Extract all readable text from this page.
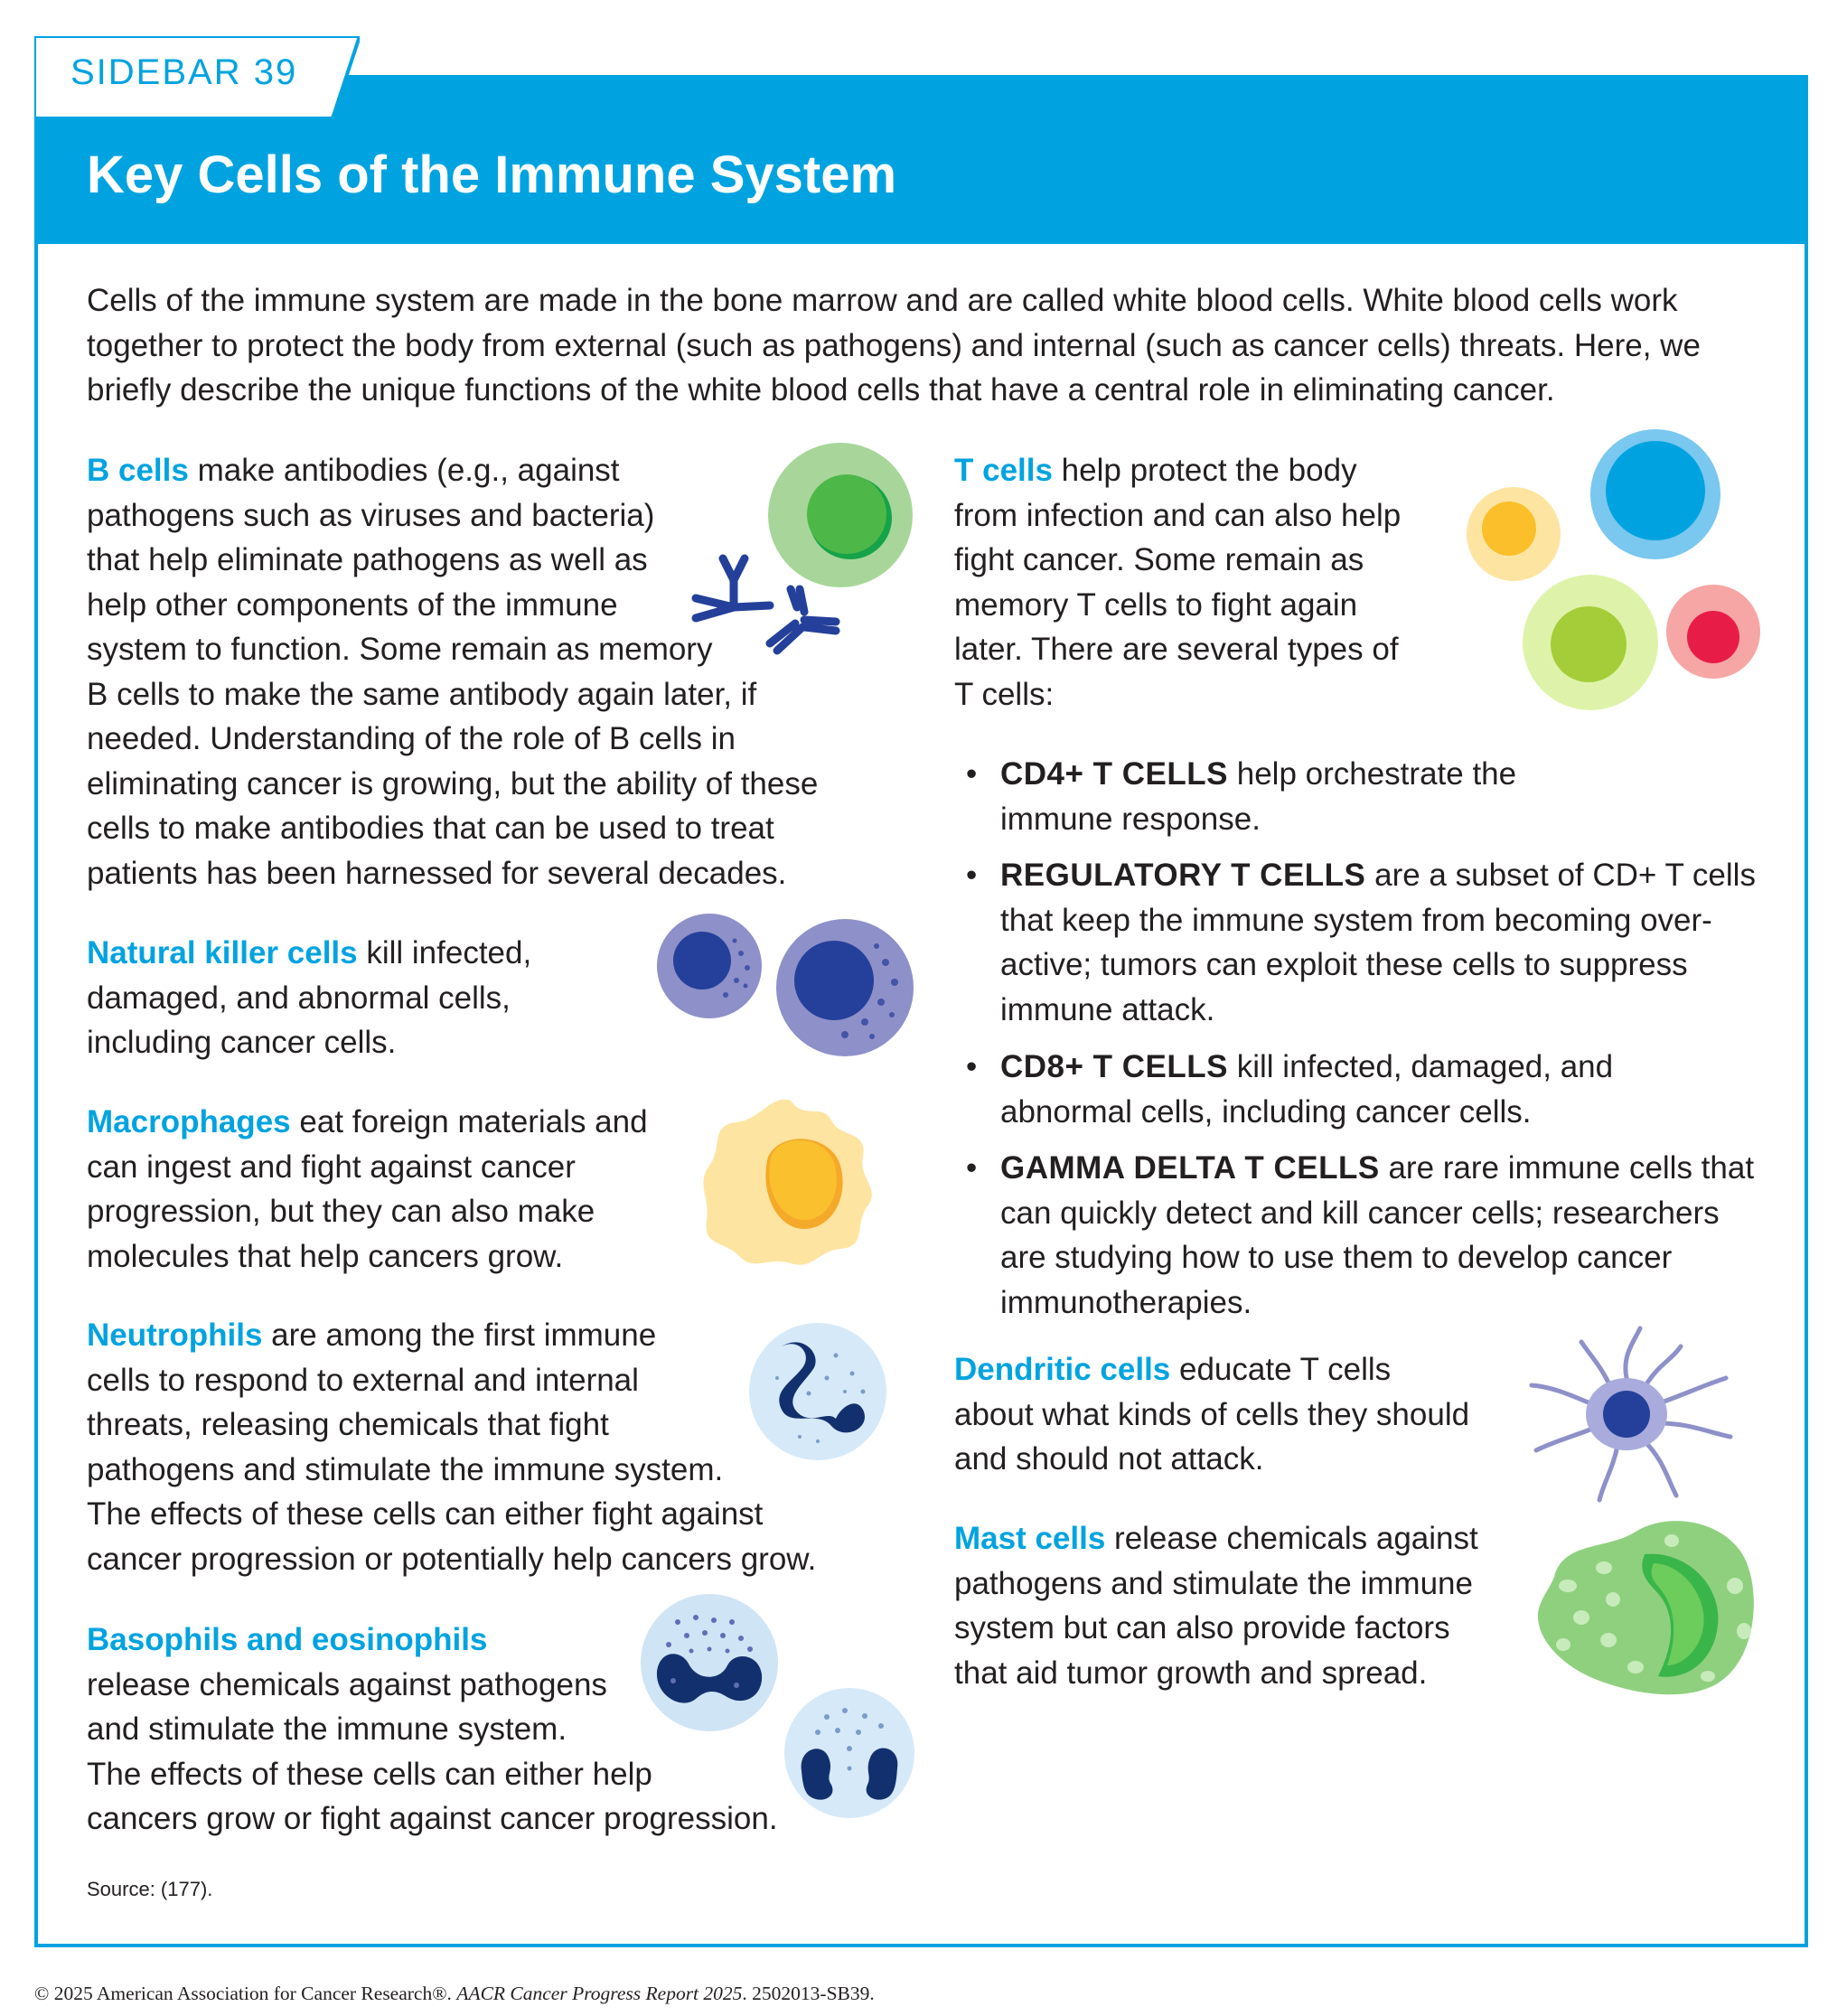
SIDEBAR 39
Key Cells of the Immune System
Cells of the immune system are made in the bone marrow and are called white blood cells. White blood cells work together to protect the body from external (such as pathogens) and internal (such as cancer cells) threats. Here, we briefly describe the unique functions of the white blood cells that have a central role in eliminating cancer.
B cells make antibodies (e.g., against
pathogens such as viruses and bacteria)
that help eliminate pathogens as well as
help other components of the immune
system to function. Some remain as memory
B cells to make the same antibody again later, if
needed. Understanding of the role of B cells in
eliminating cancer is growing, but the ability of these
cells to make antibodies that can be used to treat
patients has been harnessed for several decades.
Natural killer cells kill infected,
damaged, and abnormal cells,
including cancer cells.
Macrophages eat foreign materials and
can ingest and fight against cancer
progression, but they can also make
molecules that help cancers grow.
Neutrophils are among the first immune
cells to respond to external and internal
threats, releasing chemicals that fight
pathogens and stimulate the immune system.
The effects of these cells can either fight against
cancer progression or potentially help cancers grow.
Basophils and eosinophils
release chemicals against pathogens
and stimulate the immune system.
The effects of these cells can either help
cancers grow or fight against cancer progression.
T cells help protect the body
from infection and can also help
fight cancer. Some remain as
memory T cells to fight again
later. There are several types of
T cells:
• CD4+ T CELLS help orchestrate the
immune response.
• REGULATORY T CELLS are a subset of CD+ T cells
that keep the immune system from becoming over-
active; tumors can exploit these cells to suppress
immune attack.
• CD8+ T CELLS kill infected, damaged, and
abnormal cells, including cancer cells.
• GAMMA DELTA T CELLS are rare immune cells that
can quickly detect and kill cancer cells; researchers
are studying how to use them to develop cancer
immunotherapies.
Dendritic cells educate T cells
about what kinds of cells they should
and should not attack.
Mast cells release chemicals against
pathogens and stimulate the immune
system but can also provide factors
that aid tumor growth and spread.
Source: (177).
© 2025 American Association for Cancer Research®. AACR Cancer Progress Report 2025. 2502013-SB39.
